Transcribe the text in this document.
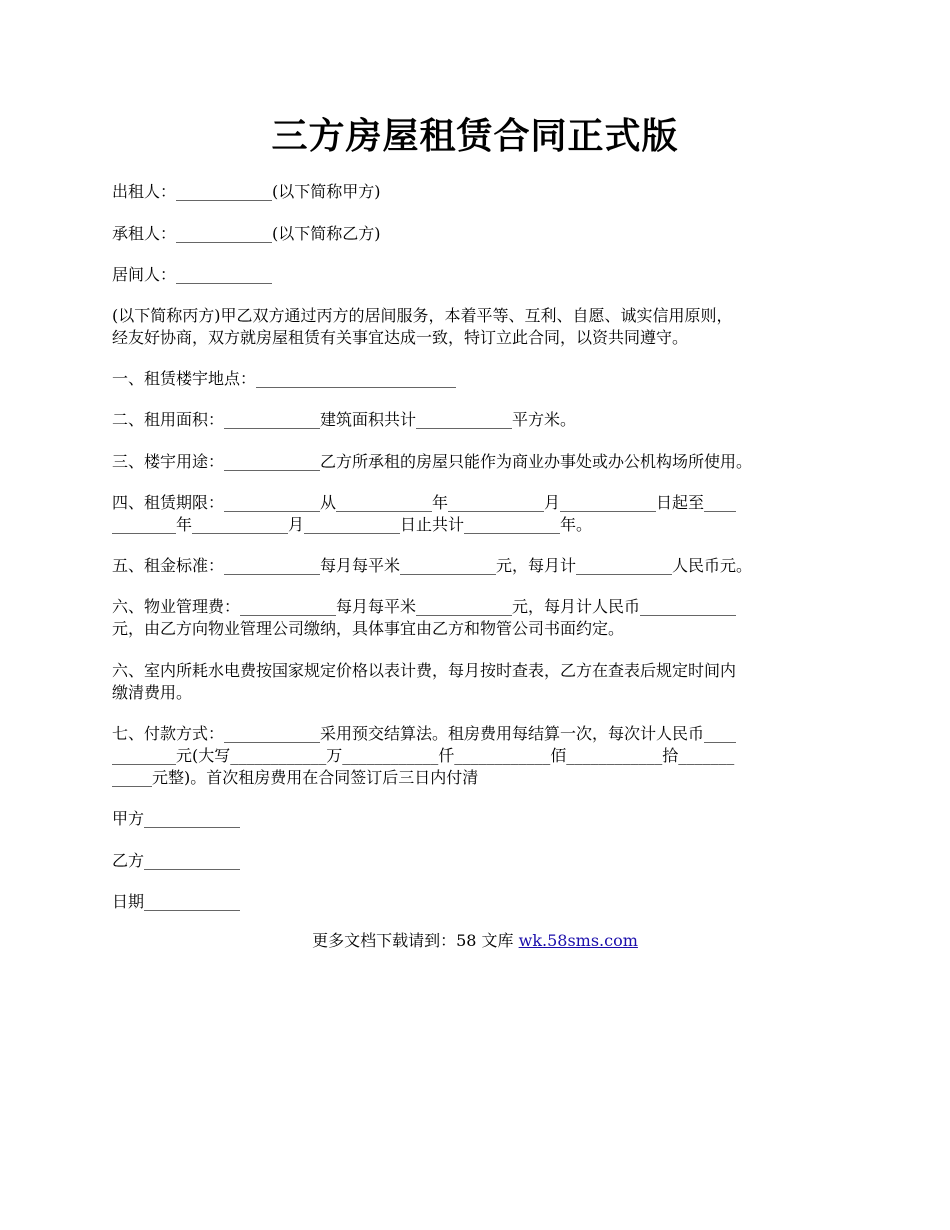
三方房屋租赁合同正式版
出租人：____________(以下简称甲方)
承租人：____________(以下简称乙方)
居间人：____________
(以下简称丙方)甲乙双方通过丙方的居间服务，本着平等、互利、自愿、诚实信用原则，
经友好协商，双方就房屋租赁有关事宜达成一致，特订立此合同，以资共同遵守。
一、租赁楼宇地点：_________________________
二、租用面积：____________建筑面积共计____________平方米。
三、楼宇用途：____________乙方所承租的房屋只能作为商业办事处或办公机构场所使用。
四、租赁期限：____________从____________年____________月____________日起至____
________年____________月____________日止共计____________年。
五、租金标准：____________每月每平米____________元，每月计____________人民币元。
六、物业管理费：____________每月每平米____________元，每月计人民币____________
元，由乙方向物业管理公司缴纳，具体事宜由乙方和物管公司书面约定。
六、室内所耗水电费按国家规定价格以表计费，每月按时查表，乙方在查表后规定时间内
缴清费用。
七、付款方式：____________采用预交结算法。租房费用每结算一次，每次计人民币____
________元(大写____________万____________仟____________佰____________拾_______
_____元整)。首次租房费用在合同签订后三日内付清
甲方____________
乙方____________
日期____________
更多文档下载请到：58 文库 wk.58sms.com
